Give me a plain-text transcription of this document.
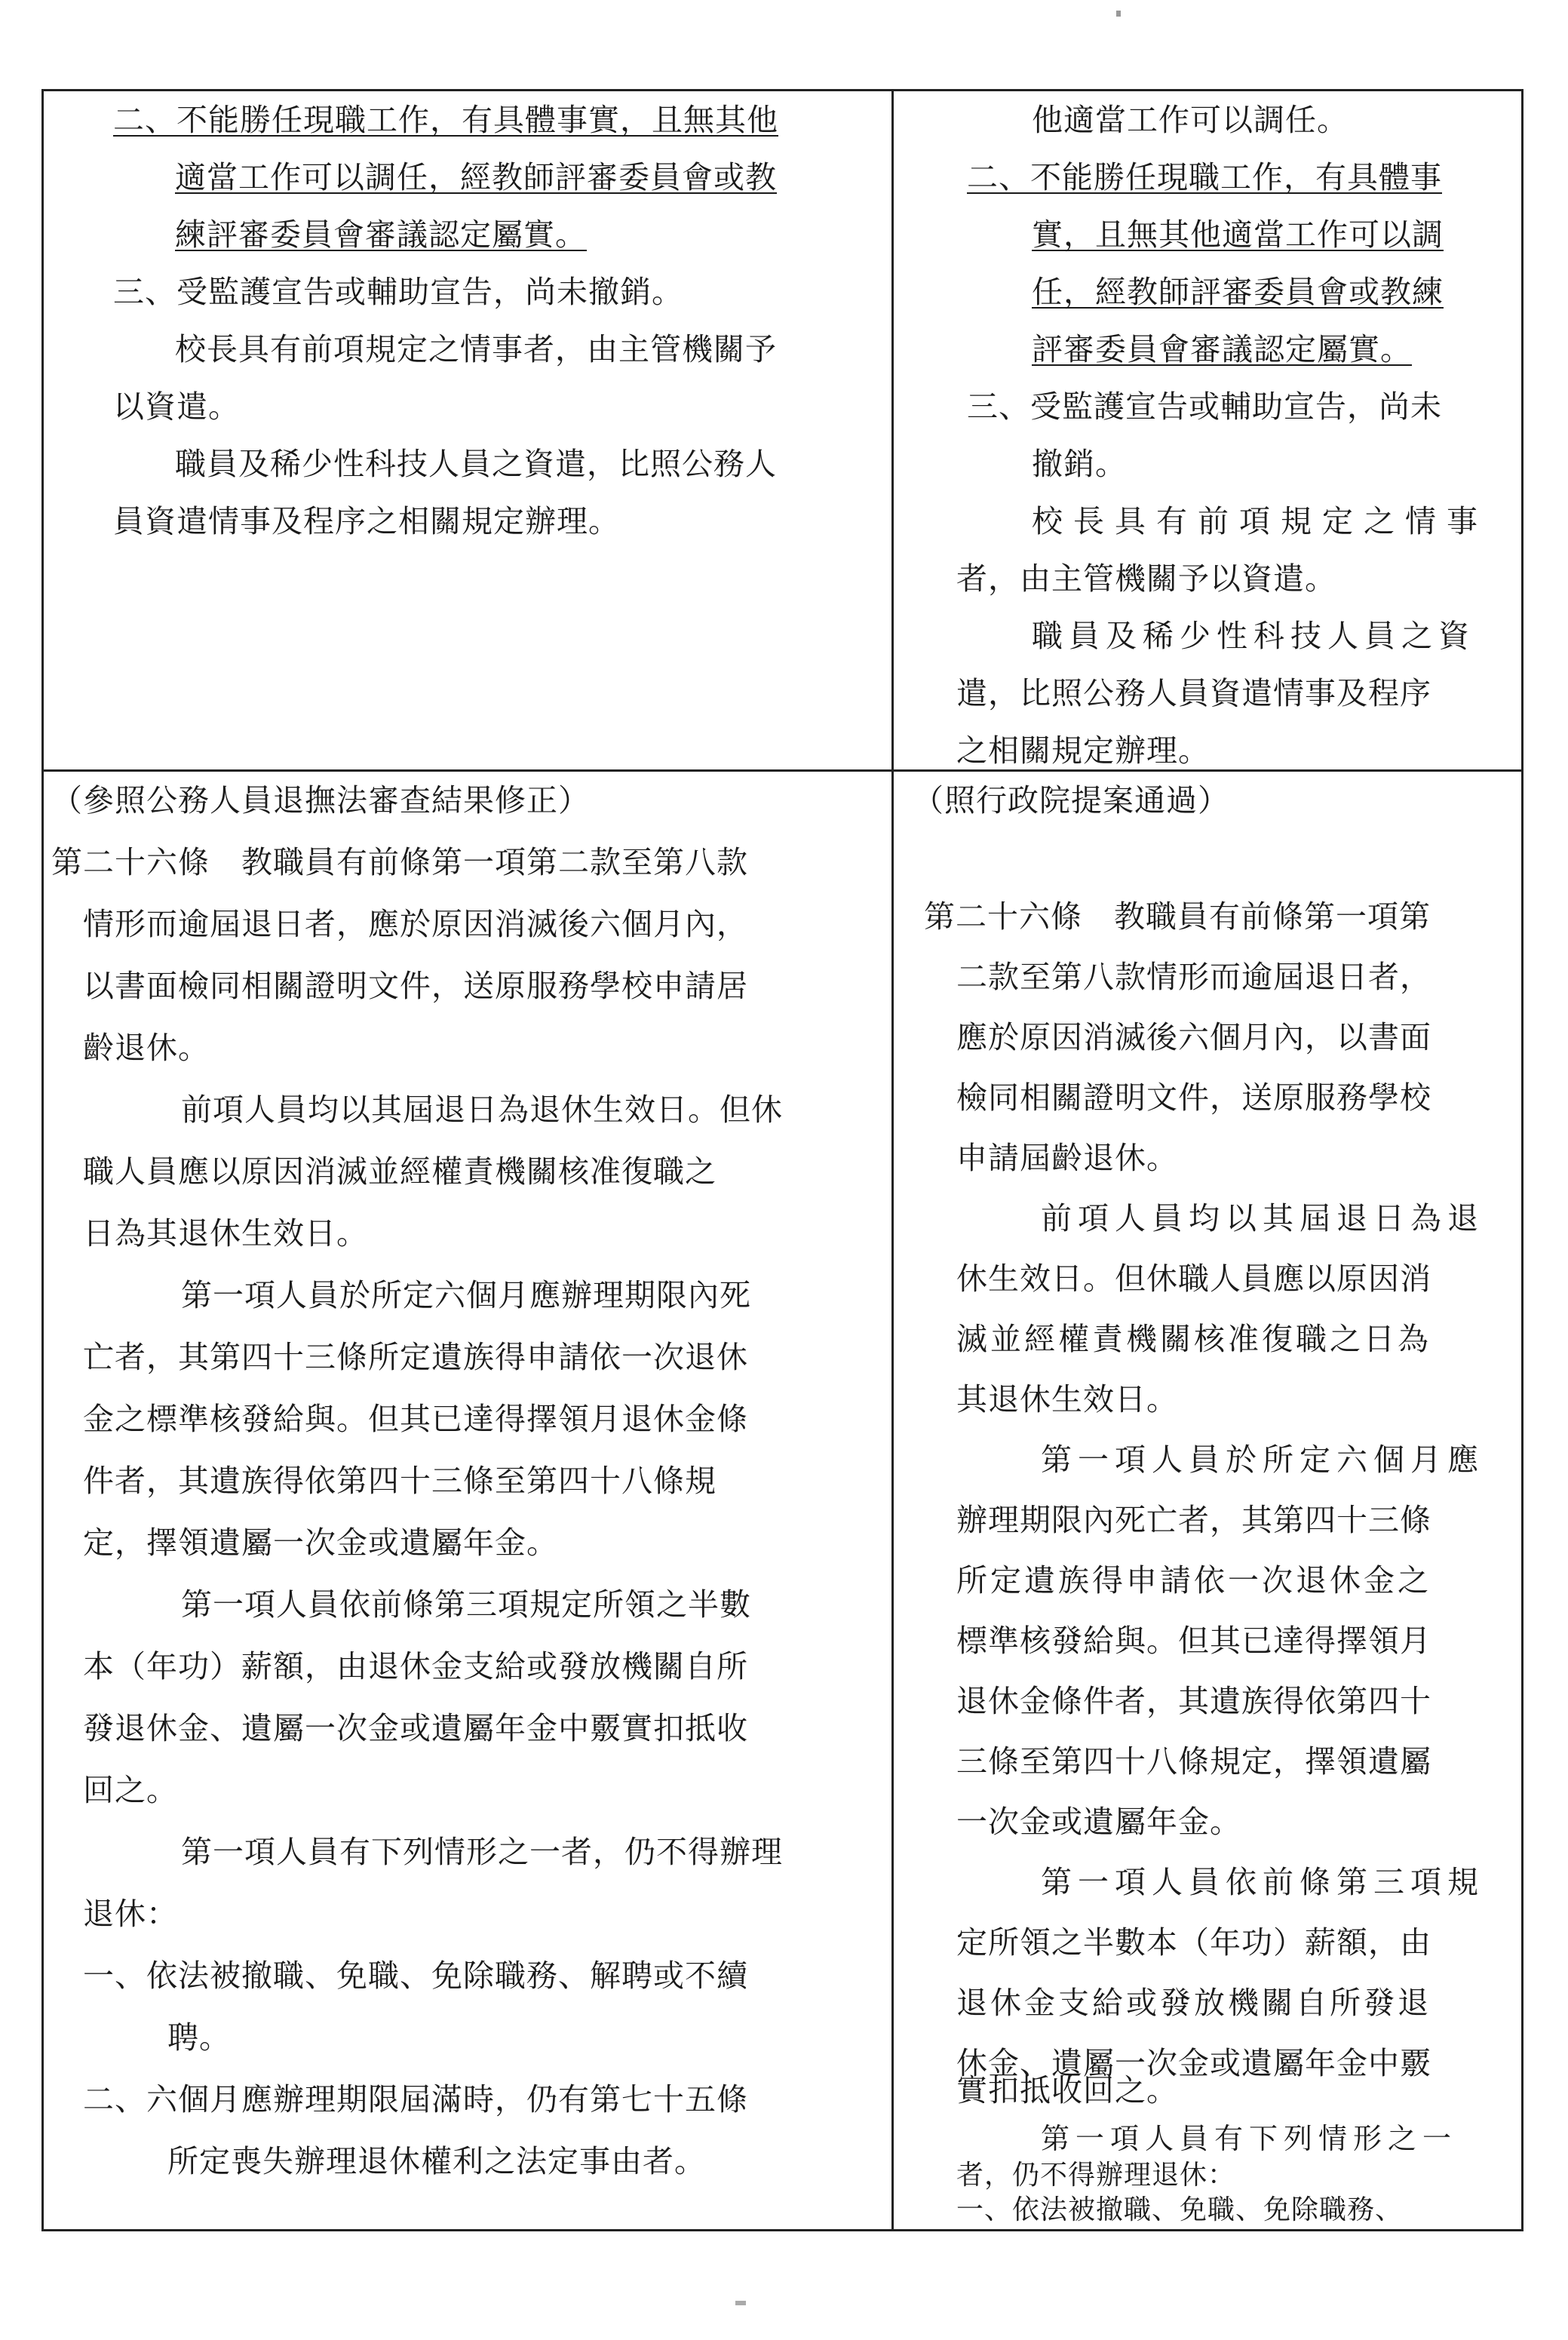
二、不能勝任現職工作，有具體事實，且無其他

適當工作可以調任，經教師評審委員會或教

練評審委員會審議認定屬實。

三、受監護宣告或輔助宣告，尚未撤銷。

校長具有前項規定之情事者，由主管機關予

以資遣。

職員及稀少性科技人員之資遣，比照公務人

員資遣情事及程序之相關規定辦理。

他適當工作可以調任。

二、不能勝任現職工作，有具體事

實，且無其他適當工作可以調

任，經教師評審委員會或教練

評審委員會審議認定屬實。

三、受監護宣告或輔助宣告，尚未

撤銷。

校長具有前項規定之情事

者，由主管機關予以資遣。

職員及稀少性科技人員之資

遣，比照公務人員資遣情事及程序

之相關規定辦理。

（參照公務人員退撫法審查結果修正）

第二十六條　教職員有前條第一項第二款至第八款

情形而逾屆退日者，應於原因消滅後六個月內，

以書面檢同相關證明文件，送原服務學校申請居

齡退休。

前項人員均以其屆退日為退休生效日。但休

職人員應以原因消滅並經權責機關核准復職之

日為其退休生效日。

第一項人員於所定六個月應辦理期限內死

亡者，其第四十三條所定遺族得申請依一次退休

金之標準核發給與。但其已達得擇領月退休金條

件者，其遺族得依第四十三條至第四十八條規

定，擇領遺屬一次金或遺屬年金。

第一項人員依前條第三項規定所領之半數

本（年功）薪額，由退休金支給或發放機關自所

發退休金、遺屬一次金或遺屬年金中覈實扣抵收

回之。

第一項人員有下列情形之一者，仍不得辦理

退休：

一、依法被撤職、免職、免除職務、解聘或不續

聘。

二、六個月應辦理期限屆滿時，仍有第七十五條

所定喪失辦理退休權利之法定事由者。

（照行政院提案通過）

第二十六條　教職員有前條第一項第

二款至第八款情形而逾屆退日者，

應於原因消滅後六個月內，以書面

檢同相關證明文件，送原服務學校

申請屆齡退休。

前項人員均以其屆退日為退

休生效日。但休職人員應以原因消

滅並經權責機關核准復職之日為

其退休生效日。

第一項人員於所定六個月應

辦理期限內死亡者，其第四十三條

所定遺族得申請依一次退休金之

標準核發給與。但其已達得擇領月

退休金條件者，其遺族得依第四十

三條至第四十八條規定，擇領遺屬

一次金或遺屬年金。

第一項人員依前條第三項規

定所領之半數本（年功）薪額，由

退休金支給或發放機關自所發退

休金、遺屬一次金或遺屬年金中覈

實扣抵收回之。

第一項人員有下列情形之一

者，仍不得辦理退休：

一、依法被撤職、免職、免除職務、
